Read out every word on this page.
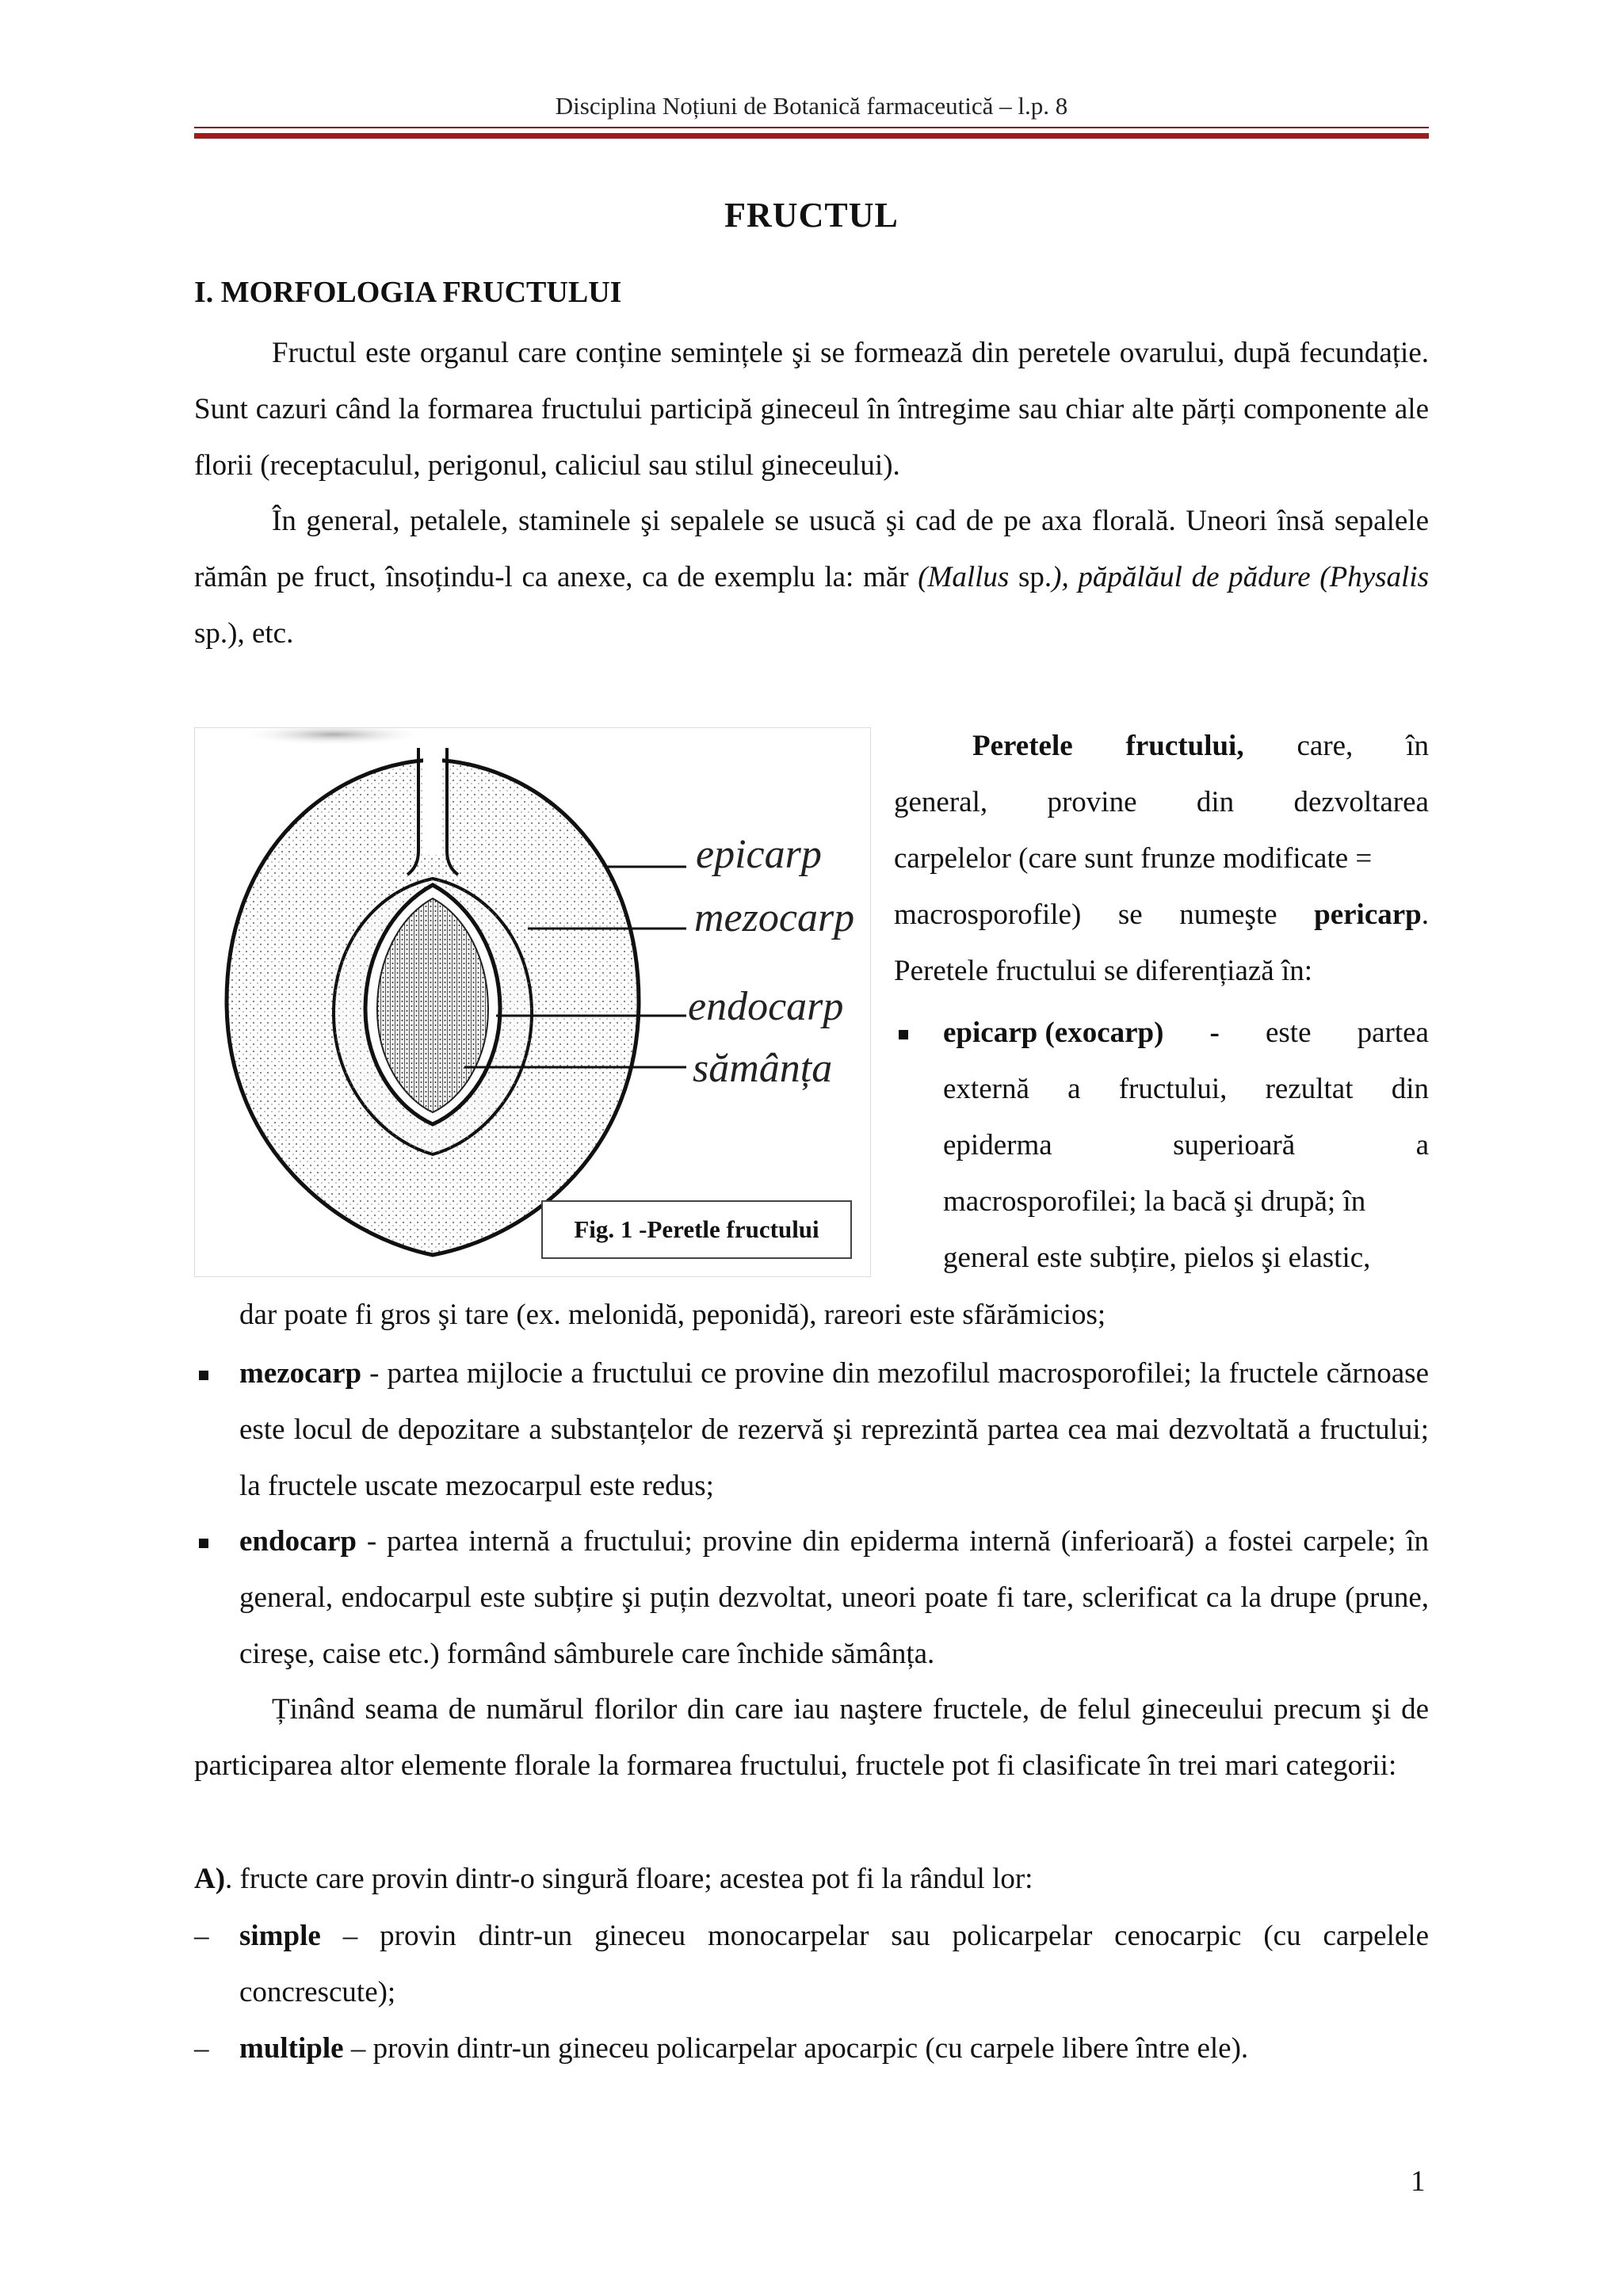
Disciplina Noțiuni de Botanică farmaceutică – l.p. 8
FRUCTUL
I. MORFOLOGIA FRUCTULUI

Fructul este organul care conține semințele şi se formează din peretele ovarului, după fecundație. Sunt cazuri când la formarea fructului participă gineceul în întregime sau chiar alte părți componente ale florii (receptaculul, perigonul, caliciul sau stilul gineceului).

În general, petalele, staminele şi sepalele se usucă şi cad de pe axa florală. Uneori însă sepalele rămân pe fruct, însoțindu-l ca anexe, ca de exemplu la: măr (Mallus sp.), păpălăul de pădure (Physalis sp.), etc.

epicarp
mezocarp
endocarp
sămânța
Fig. 1 -Peretle fructului

Peretele fructului, care, în

general, provine din dezvoltarea

carpelelor (care sunt frunze modificate =

macrosporofile) se numeşte pericarp.

Peretele fructului se diferențiază în:

epicarp (exocarp) - este partea
externă a fructului, rezultat din
epiderma	superioară	a
macrosporofilei; la bacă şi drupă; în
general este subțire, pielos şi elastic,
dar poate fi gros şi tare (ex. melonidă, peponidă), rareori este sfărămicios;

mezocarp - partea mijlocie a fructului ce provine din mezofilul macrosporofilei; la fructele cărnoase este locul de depozitare a substanțelor de rezervă şi reprezintă partea cea mai dezvoltată a fructului; la fructele uscate mezocarpul este redus;

endocarp - partea internă a fructului; provine din epiderma internă (inferioară) a fostei carpele; în general, endocarpul este subțire şi puțin dezvoltat, uneori poate fi tare, sclerificat ca la drupe (prune, cireşe, caise etc.) formând sâmburele care închide sămânța.

Ținând seama de numărul florilor din care iau naştere fructele, de felul gineceului precum şi de participarea altor elemente florale la formarea fructului, fructele pot fi clasificate în trei mari categorii:

A). fructe care provin dintr-o singură floare; acestea pot fi la rândul lor:

– simple – provin dintr-un gineceu monocarpelar sau policarpelar cenocarpic (cu carpelele concrescute);

– multiple – provin dintr-un gineceu policarpelar apocarpic (cu carpele libere între ele).

1
